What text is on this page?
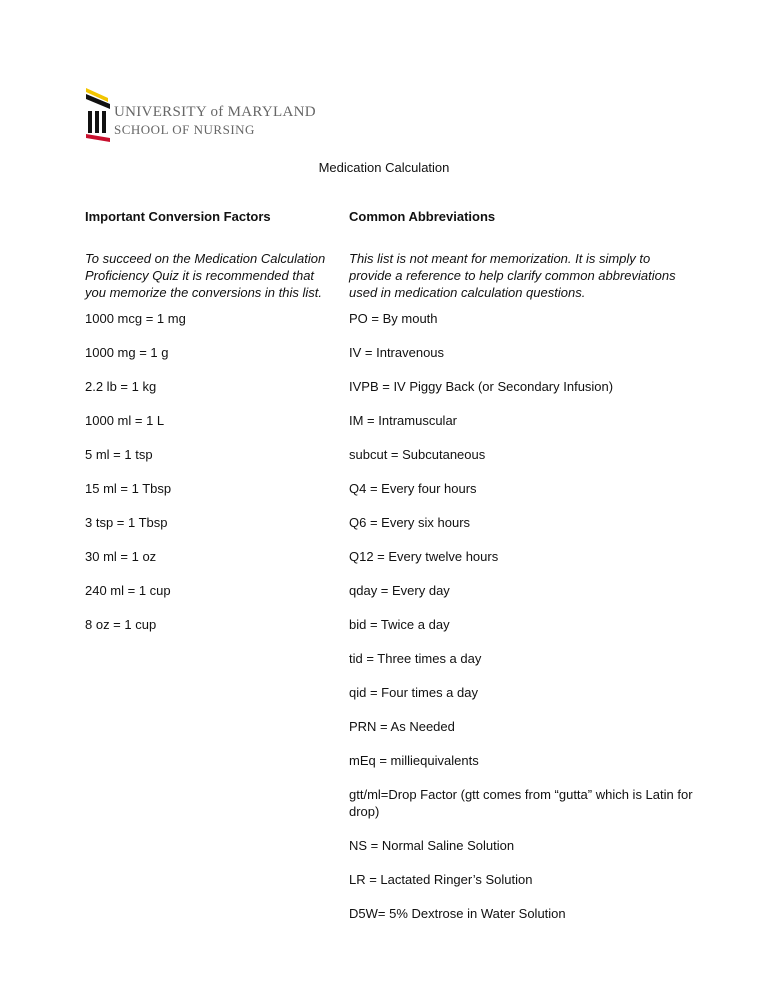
UNIVERSITY of MARYLAND
SCHOOL OF NURSING
Medication Calculation
Important Conversion Factors	Common Abbreviations
To succeed on the Medication Calculation Proficiency Quiz it is recommended that you memorize the conversions in this list.
This list is not meant for memorization. It is simply to provide a reference to help clarify common abbreviations used in medication calculation questions.
1000 mcg = 1 mg
1000 mg = 1 g
2.2 lb = 1 kg
1000 ml = 1 L
5 ml = 1 tsp
15 ml = 1 Tbsp
3 tsp = 1 Tbsp
30 ml = 1 oz
240 ml = 1 cup
8 oz = 1 cup
PO = By mouth
IV = Intravenous
IVPB = IV Piggy Back (or Secondary Infusion)
IM = Intramuscular
subcut = Subcutaneous
Q4 = Every four hours
Q6 = Every six hours
Q12 = Every twelve hours
qday = Every day
bid = Twice a day
tid = Three times a day
qid = Four times a day
PRN = As Needed
mEq = milliequivalents
gtt/ml=Drop Factor (gtt comes from “gutta” which is Latin for drop)
NS = Normal Saline Solution
LR = Lactated Ringer’s Solution
D5W= 5% Dextrose in Water Solution
